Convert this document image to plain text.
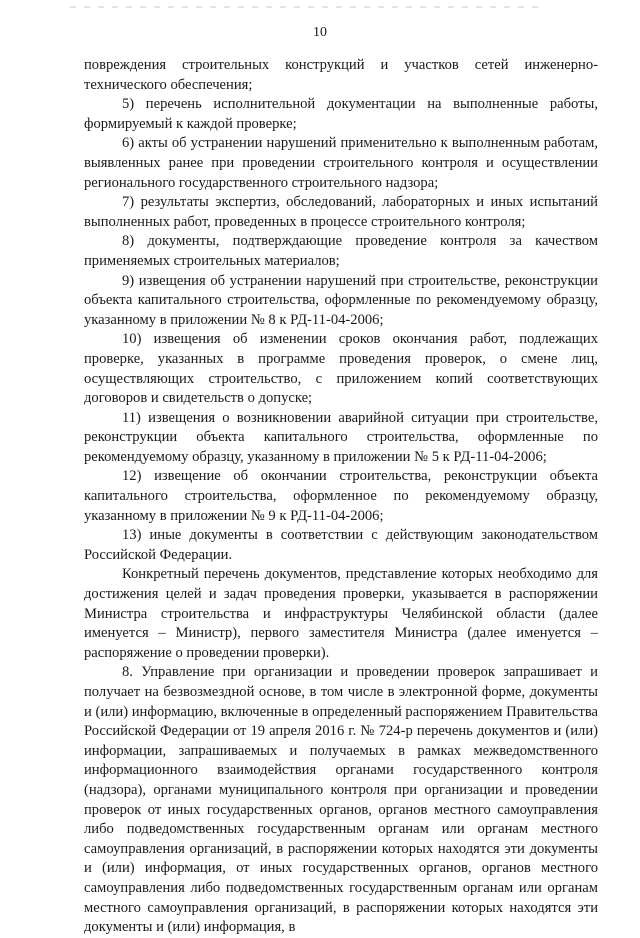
10

повреждения строительных конструкций и участков сетей инженерно-технического обеспечения;

5) перечень исполнительной документации на выполненные работы, формируемый к каждой проверке;

6) акты об устранении нарушений применительно к выполненным работам, выявленных ранее при проведении строительного контроля и осуществлении регионального государственного строительного надзора;

7) результаты экспертиз, обследований, лабораторных и иных испытаний выполненных работ, проведенных в процессе строительного контроля;

8) документы, подтверждающие проведение контроля за качеством применяемых строительных материалов;

9) извещения об устранении нарушений при строительстве, реконструкции объекта капитального строительства, оформленные по рекомендуемому образцу, указанному в приложении № 8 к РД-11-04-2006;

10) извещения об изменении сроков окончания работ, подлежащих проверке, указанных в программе проведения проверок, о смене лиц, осуществляющих строительство, с приложением копий соответствующих договоров и свидетельств о допуске;

11) извещения о возникновении аварийной ситуации при строительстве, реконструкции объекта капитального строительства, оформленные по рекомендуемому образцу, указанному в приложении № 5 к РД-11-04-2006;

12) извещение об окончании строительства, реконструкции объекта капитального строительства, оформленное по рекомендуемому образцу, указанному в приложении № 9 к РД-11-04-2006;

13) иные документы в соответствии с действующим законодательством Российской Федерации.

Конкретный перечень документов, представление которых необходимо для достижения целей и задач проведения проверки, указывается в распоряжении Министра строительства и инфраструктуры Челябинской области (далее именуется – Министр), первого заместителя Министра (далее именуется – распоряжение о проведении проверки).

8. Управление при организации и проведении проверок запрашивает и получает на безвозмездной основе, в том числе в электронной форме, документы и (или) информацию, включенные в определенный распоряжением Правительства Российской Федерации от 19 апреля 2016 г. № 724-р перечень документов и (или) информации, запрашиваемых и получаемых в рамках межведомственного информационного взаимодействия органами государственного контроля (надзора), органами муниципального контроля при организации и проведении проверок от иных государственных органов, органов местного самоуправления либо подведомственных государственным органам или органам местного самоуправления организаций, в распоряжении которых находятся эти документы и (или) информация, от иных государственных органов, органов местного самоуправления либо подведомственных государственным органам или органам местного самоуправления организаций, в распоряжении которых находятся эти документы и (или) информация, в
